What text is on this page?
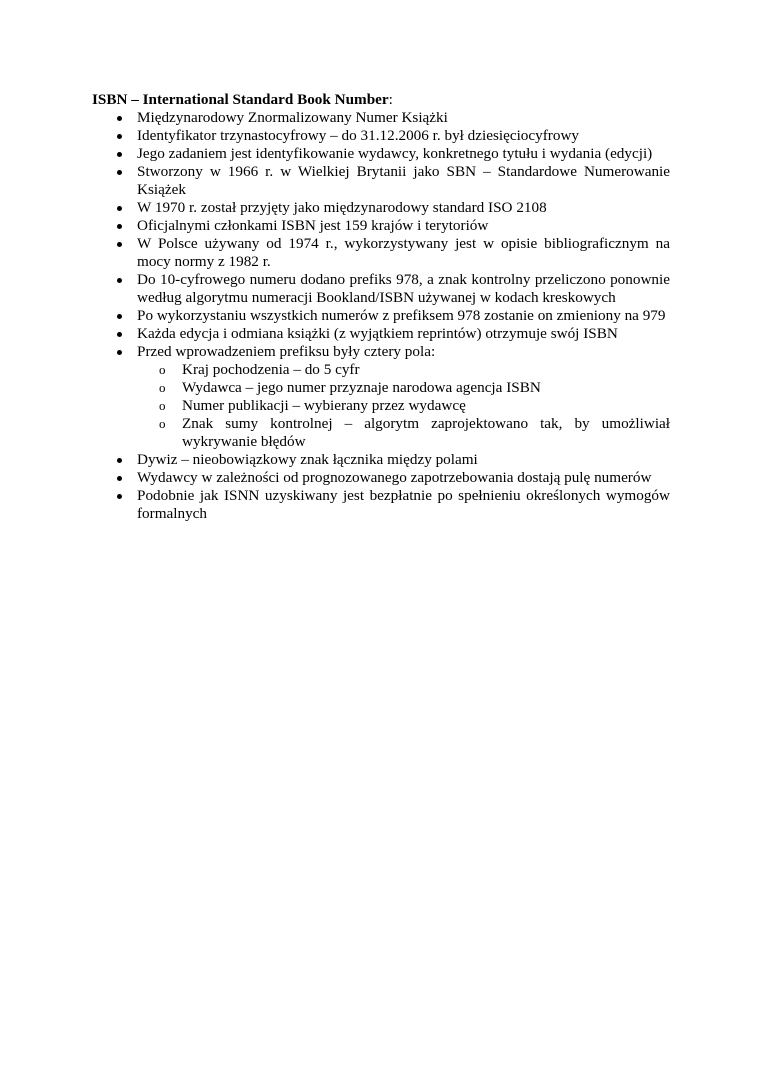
ISBN – International Standard Book Number:

Międzynarodowy Znormalizowany Numer Książki
Identyfikator trzynastocyfrowy – do 31.12.2006 r. był dziesięciocyfrowy
Jego zadaniem jest identyfikowanie wydawcy, konkretnego tytułu i wydania (edycji)
Stworzony w 1966 r. w Wielkiej Brytanii jako SBN – Standardowe Numerowanie Książek
W 1970 r. został przyjęty jako międzynarodowy standard ISO 2108
Oficjalnymi członkami ISBN jest 159 krajów i terytoriów
W Polsce używany od 1974 r., wykorzystywany jest w opisie bibliograficznym na mocy normy z 1982 r.
Do 10-cyfrowego numeru dodano prefiks 978, a znak kontrolny przeliczono ponownie według algorytmu numeracji Bookland/ISBN używanej w kodach kreskowych
Po wykorzystaniu wszystkich numerów z prefiksem 978 zostanie on zmieniony na 979
Każda edycja i odmiana książki (z wyjątkiem reprintów) otrzymuje swój ISBN
Przed wprowadzeniem prefiksu były cztery pola:
o Kraj pochodzenia – do 5 cyfr
o Wydawca – jego numer przyznaje narodowa agencja ISBN
o Numer publikacji – wybierany przez wydawcę
o Znak sumy kontrolnej – algorytm zaprojektowano tak, by umożliwiał wykrywanie błędów
Dywiz – nieobowiązkowy znak łącznika między polami
Wydawcy w zależności od prognozowanego zapotrzebowania dostają pulę numerów
Podobnie jak ISNN uzyskiwany jest bezpłatnie po spełnieniu określonych wymogów formalnych
